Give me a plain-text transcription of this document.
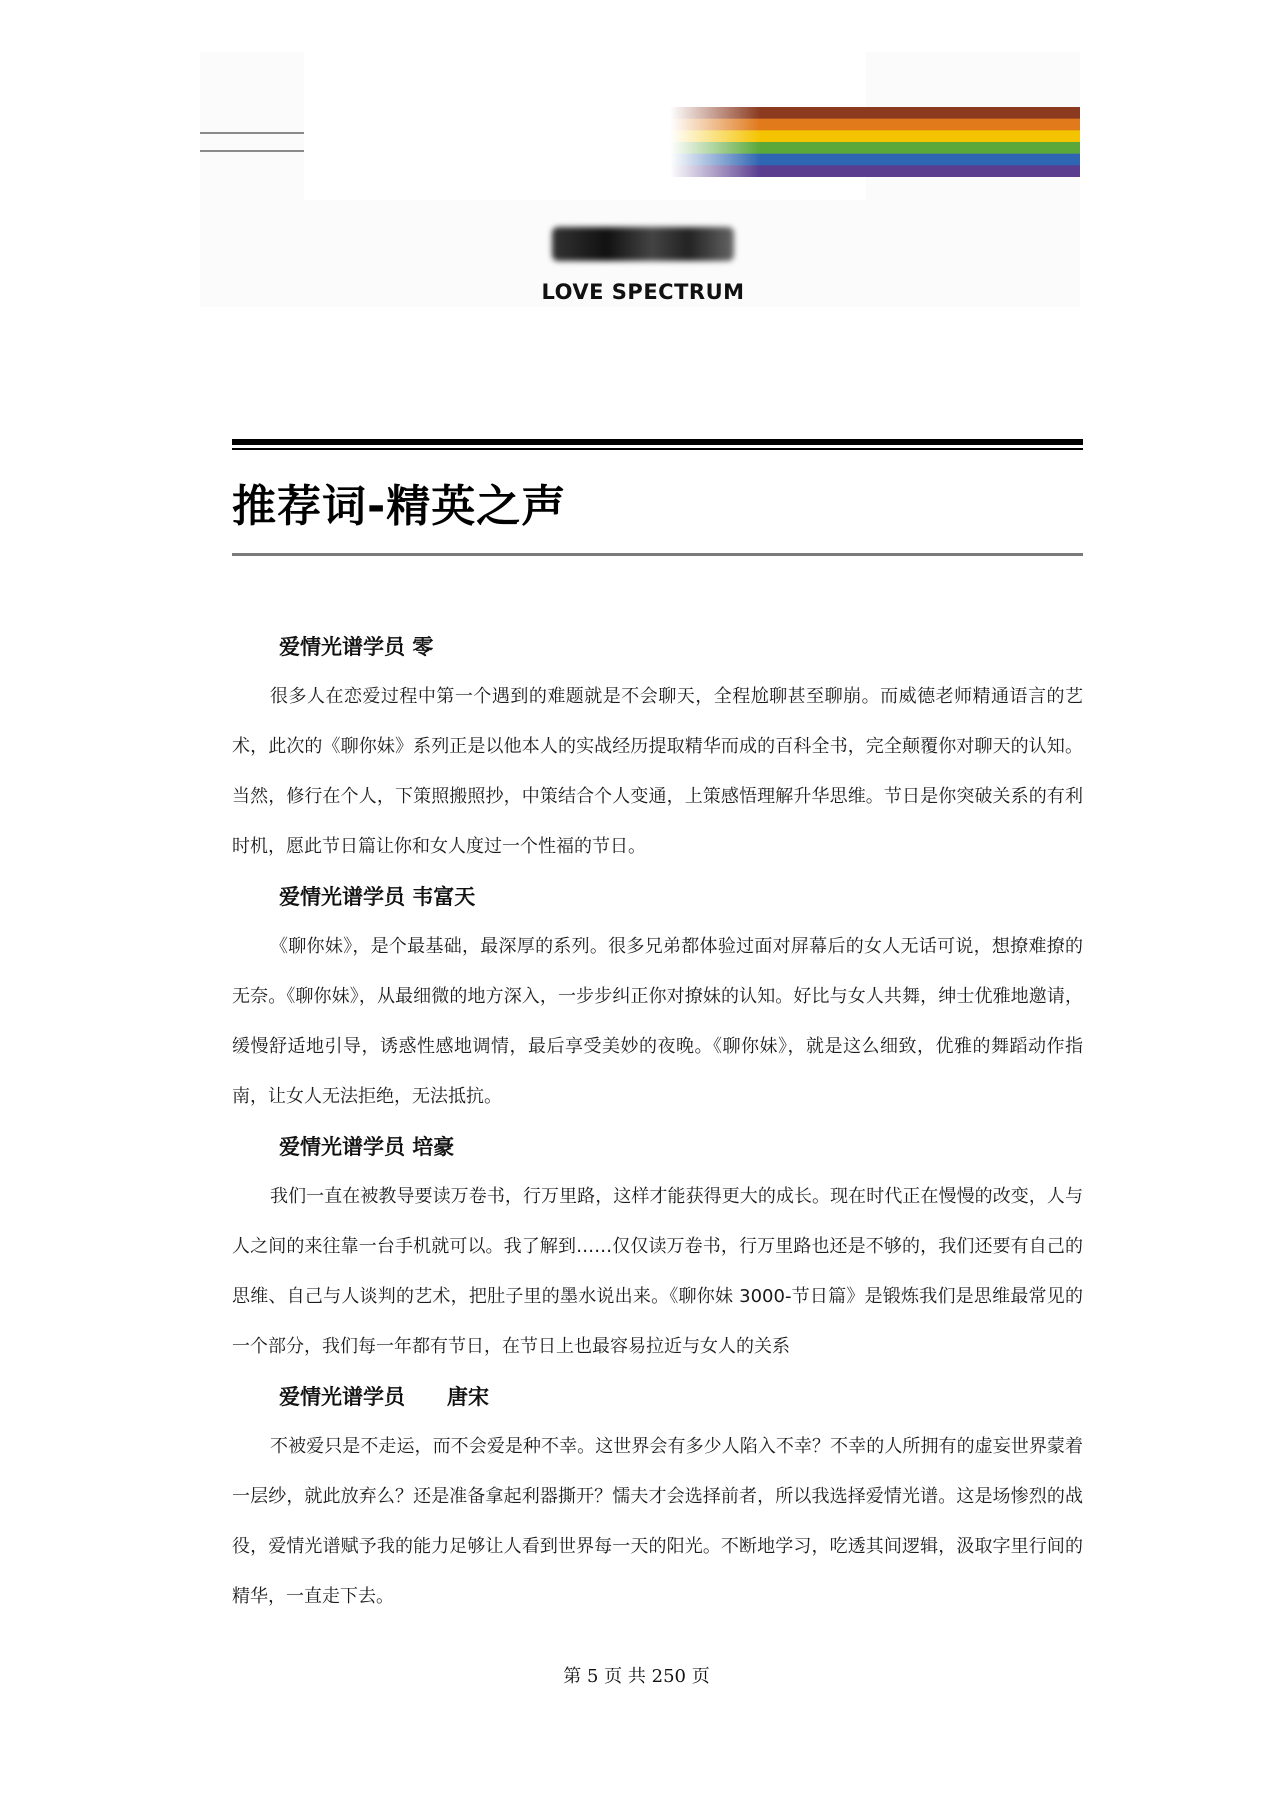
LOVE SPECTRUM
推荐词-精英之声
爱情光谱学员 零

很多人在恋爱过程中第一个遇到的难题就是不会聊天，全程尬聊甚至聊崩。而威德老师精通语言的艺术，此次的《聊你妹》系列正是以他本人的实战经历提取精华而成的百科全书，完全颠覆你对聊天的认知。当然，修行在个人，下策照搬照抄，中策结合个人变通，上策感悟理解升华思维。节日是你突破关系的有利时机，愿此节日篇让你和女人度过一个性福的节日。

爱情光谱学员 韦富天

《聊你妹》，是个最基础，最深厚的系列。很多兄弟都体验过面对屏幕后的女人无话可说，想撩难撩的无奈。《聊你妹》，从最细微的地方深入，一步步纠正你对撩妹的认知。好比与女人共舞，绅士优雅地邀请，缓慢舒适地引导，诱惑性感地调情，最后享受美妙的夜晚。《聊你妹》，就是这么细致，优雅的舞蹈动作指南，让女人无法拒绝，无法抵抗。

爱情光谱学员 培豪

我们一直在被教导要读万卷书，行万里路，这样才能获得更大的成长。现在时代正在慢慢的改变，人与人之间的来往靠一台手机就可以。我了解到……仅仅读万卷书，行万里路也还是不够的，我们还要有自己的思维、自己与人谈判的艺术，把肚子里的墨水说出来。《聊你妹 3000-节日篇》是锻炼我们是思维最常见的一个部分，我们每一年都有节日，在节日上也最容易拉近与女人的关系

爱情光谱学员　　唐宋

不被爱只是不走运，而不会爱是种不幸。这世界会有多少人陷入不幸？不幸的人所拥有的虚妄世界蒙着一层纱，就此放弃么？还是准备拿起利器撕开？懦夫才会选择前者，所以我选择爱情光谱。这是场惨烈的战役，爱情光谱赋予我的能力足够让人看到世界每一天的阳光。不断地学习，吃透其间逻辑，汲取字里行间的精华，一直走下去。

第 5 页 共 250 页
